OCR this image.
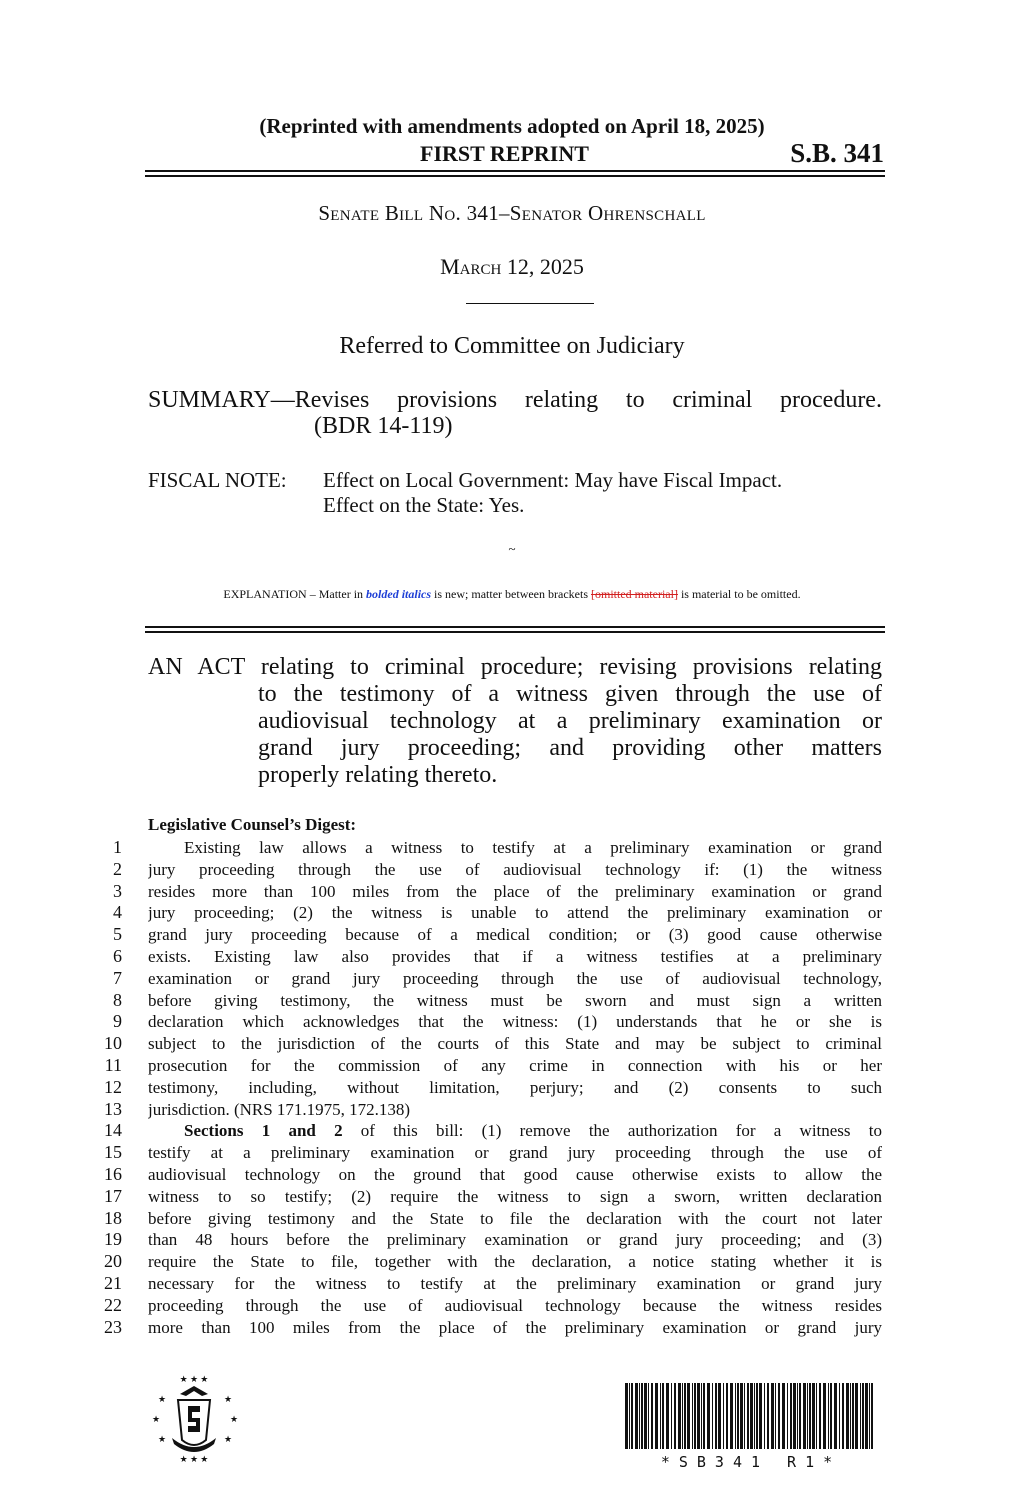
(Reprinted with amendments adopted on April 18, 2025)
FIRST REPRINT	S.B. 341
Senate Bill No. 341–Senator Ohrenschall
March 12, 2025
Referred to Committee on Judiciary
SUMMARY—Revises provisions relating to criminal procedure.
(BDR 14-119)
FISCAL NOTE:	Effect on Local Government: May have Fiscal Impact.
Effect on the State: Yes.
~
EXPLANATION – Matter in bolded italics is new; matter between brackets [omitted material] is material to be omitted.
AN ACT relating to criminal procedure; revising provisions relating
to the testimony of a witness given through the use of
audiovisual technology at a preliminary examination or
grand jury proceeding; and providing other matters
properly relating thereto.
Legislative Counsel’s Digest:
1	Existing law allows a witness to testify at a preliminary examination or grand
2 jury proceeding through the use of audiovisual technology if: (1) the witness
3 resides more than 100 miles from the place of the preliminary examination or grand
4 jury proceeding; (2) the witness is unable to attend the preliminary examination or
5 grand jury proceeding because of a medical condition; or (3) good cause otherwise
6 exists. Existing law also provides that if a witness testifies at a preliminary
7 examination or grand jury proceeding through the use of audiovisual technology,
8 before giving testimony, the witness must be sworn and must sign a written
9 declaration which acknowledges that the witness: (1) understands that he or she is
10 subject to the jurisdiction of the courts of this State and may be subject to criminal
11 prosecution for the commission of any crime in connection with his or her
12 testimony, including, without limitation, perjury; and (2) consents to such
13 jurisdiction. (NRS 171.1975, 172.138)
14	Sections 1 and 2 of this bill: (1) remove the authorization for a witness to
15 testify at a preliminary examination or grand jury proceeding through the use of
16 audiovisual technology on the ground that good cause otherwise exists to allow the
17 witness to so testify; (2) require the witness to sign a sworn, written declaration
18 before giving testimony and the State to file the declaration with the court not later
19 than 48 hours before the preliminary examination or grand jury proceeding; and (3)
20 require the State to file, together with the declaration, a notice stating whether it is
21 necessary for the witness to testify at the preliminary examination or grand jury
22 proceeding through the use of audiovisual technology because the witness resides
23 more than 100 miles from the place of the preliminary examination or grand jury
★ ★ ★
★	★
★	★
★	★
★ ★ ★	*SB341 R1*
